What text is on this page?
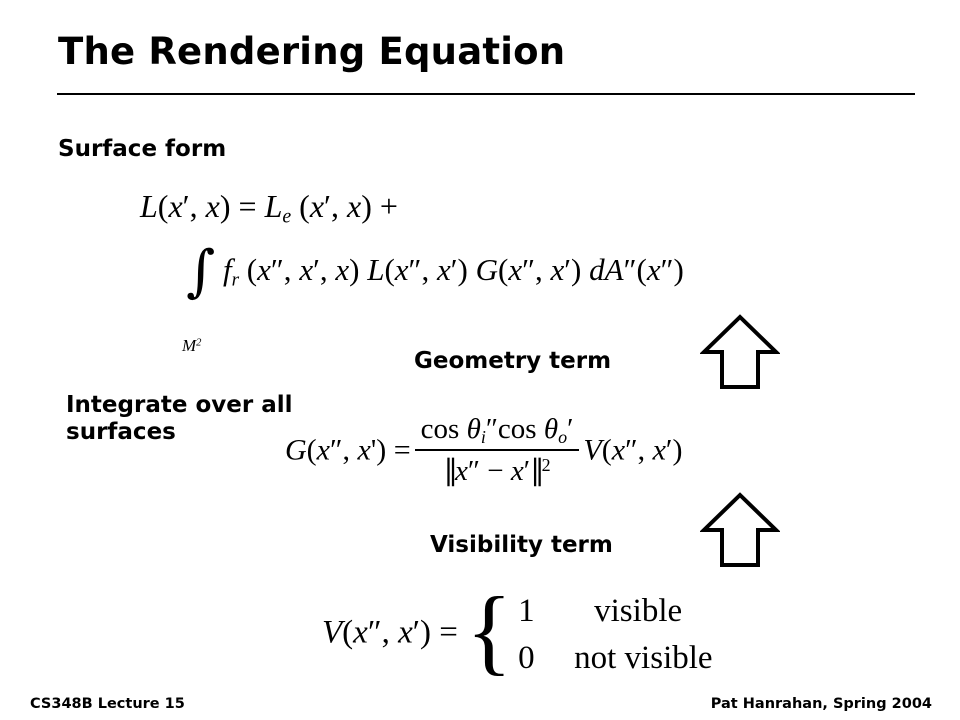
The Rendering Equation
Surface form
L(x′, $x) = L_e$ (x′, x) +
∫ $f_r$ (x″, x′, x) L(x″, x′) G(x″, x′) dA″(x″)
$M^2$
Geometry term
Integrate over all surfaces
G(x″, $x') = \frac{\cos \theta_i''\cos \theta_o'}{\parallel x'' - x'\parallel^2} V(x''$, x′)
Visibility term
V(x″, x′) = { 1 visible
0 not visible
CS348B Lecture 15	Pat Hanrahan, Spring 2004
